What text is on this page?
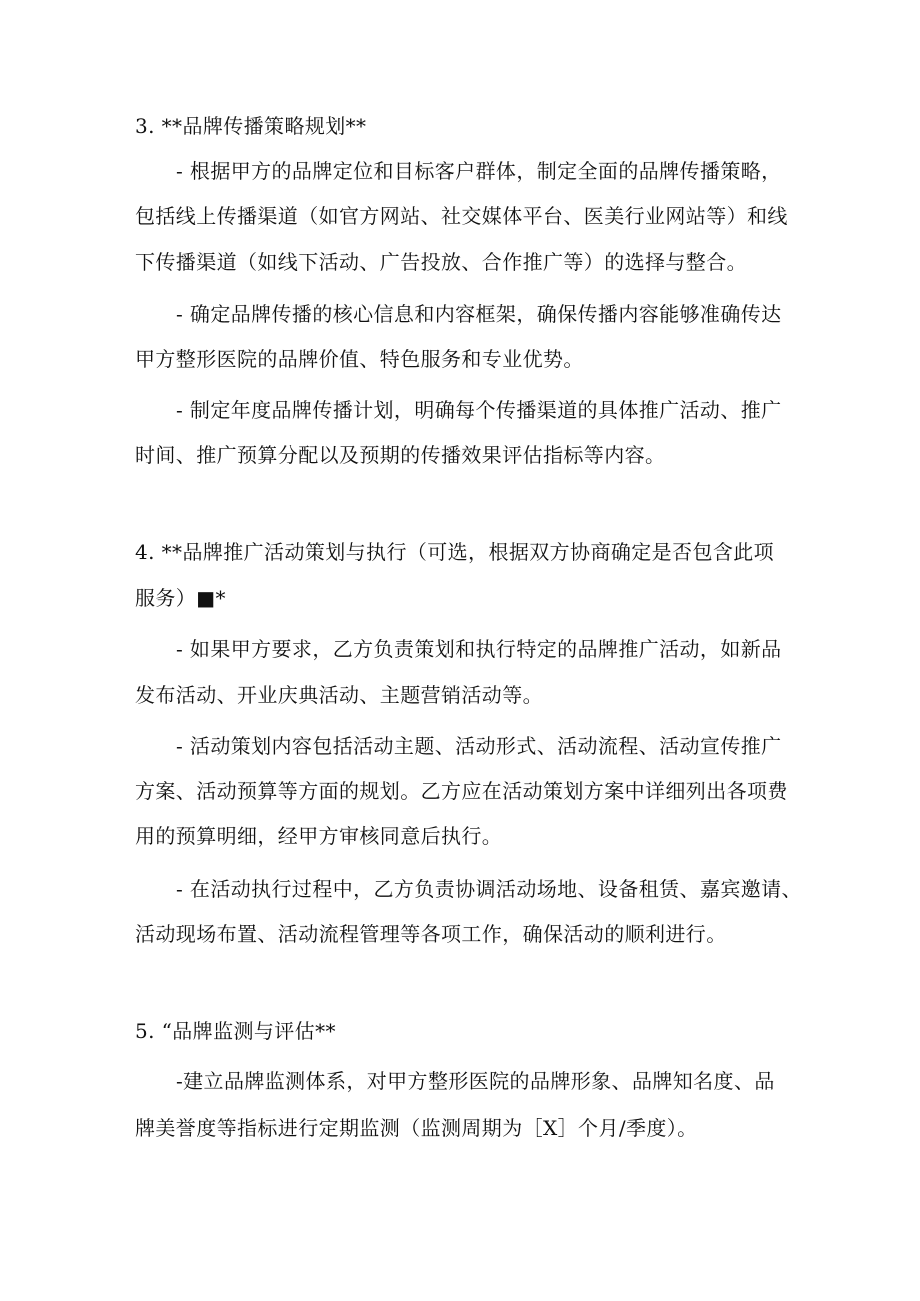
3. **品牌传播策略规划**
- 根据甲方的品牌定位和目标客户群体，制定全面的品牌传播策略，
包括线上传播渠道（如官方网站、社交媒体平台、医美行业网站等）和线
下传播渠道（如线下活动、广告投放、合作推广等）的选择与整合。
- 确定品牌传播的核心信息和内容框架，确保传播内容能够准确传达
甲方整形医院的品牌价值、特色服务和专业优势。
- 制定年度品牌传播计划，明确每个传播渠道的具体推广活动、推广
时间、推广预算分配以及预期的传播效果评估指标等内容。
4. **品牌推广活动策划与执行（可选，根据双方协商确定是否包含此项
服务）■*
- 如果甲方要求，乙方负责策划和执行特定的品牌推广活动，如新品
发布活动、开业庆典活动、主题营销活动等。
- 活动策划内容包括活动主题、活动形式、活动流程、活动宣传推广
方案、活动预算等方面的规划。乙方应在活动策划方案中详细列出各项费
用的预算明细，经甲方审核同意后执行。
- 在活动执行过程中，乙方负责协调活动场地、设备租赁、嘉宾邀请、
活动现场布置、活动流程管理等各项工作，确保活动的顺利进行。
5. “品牌监测与评估**
-建立品牌监测体系，对甲方整形医院的品牌形象、品牌知名度、品
牌美誉度等指标进行定期监测（监测周期为［X］个月/季度）。
